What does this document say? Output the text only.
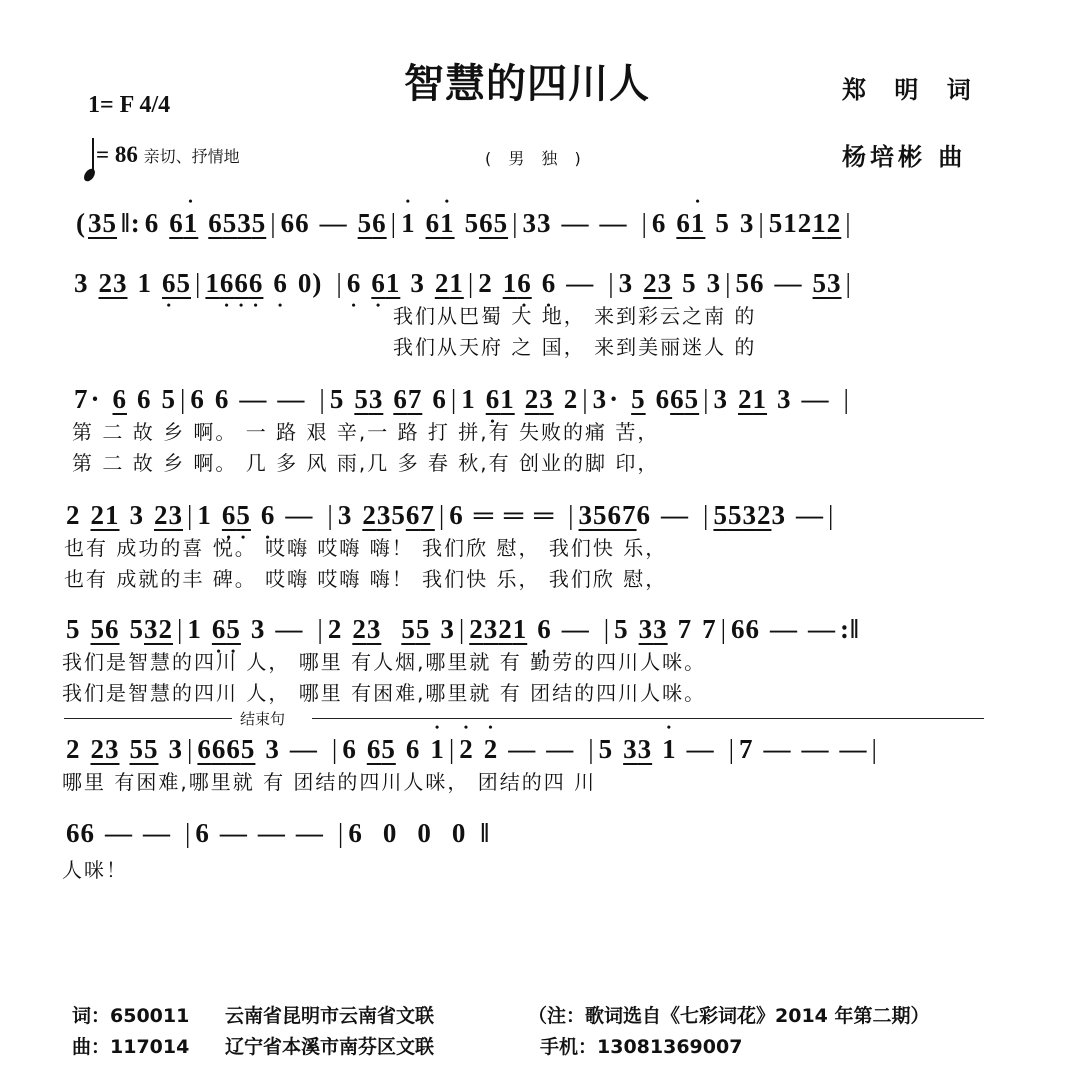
智慧的四川人	郑 明 词
杨培彬 曲
1= F 4/4
= 86 亲切、抒情地	( 男 独 )
(35 ‖: 6 6• 1 6535 | 66 — 56 | • 1 6• 1 565 | 33 — — | 6 6• 1 5 3 | 51212 |
3 23 1 6 •5 | 16 •6 •6 • 6 • 0) | 6 • 6 •1 3 21 | 2 16 • 6 • — | 3 23 5 3 | 56 — 53 |
我们从巴蜀 大 地， 来到彩云之南 的
我们从天府 之 国， 来到美丽迷人 的
7· 6 6 5 | 6 6 — — | 5 53 67 6 | 1 6 •1 23 2 | 3· 5 665 | 3 21 3 — |
第 二 故 乡 啊。 一 路 艰 辛,一 路 打 拼,有 失败的痛 苦，
第 二 故 乡 啊。 几 多 风 雨,几 多 春 秋,有 创业的脚 印，
2 21 3 23 | 1 6 •5 • 6 • — | 3 23567 | 6 ═ ═ ═ | 35676 — | 55323 — |
也有 成功的喜 悦。 哎嗨 哎嗨 嗨！ 我们欣 慰， 我们快 乐，
也有 成就的丰 碑。 哎嗨 哎嗨 嗨！ 我们快 乐， 我们欣 慰，
5 56 532 | 1 6 •5 • 3 — | 2 23 55 3 | 2321 6 • — | 5 33 7 7 | 66 — — :‖
我们是智慧的四川 人， 哪里 有人烟,哪里就 有 勤劳的四川人咪。
我们是智慧的四川 人， 哪里 有困难,哪里就 有 团结的四川人咪。
结束句
2 23 55 3 | 6665 3 — | 6 65 6 • 1 | • 2 • 2 — — | 5 33 • 1 — | 7 — — — |
哪里 有困难,哪里就 有 团结的四川人咪， 团结的四 川
66 — — | 6 — — — | 6 0 0 0 ‖
人咪！
词：650011 云南省昆明市云南省文联	（注：歌词选自《七彩词花》2014 年第二期）
曲：117014 辽宁省本溪市南芬区文联	手机：13081369007
